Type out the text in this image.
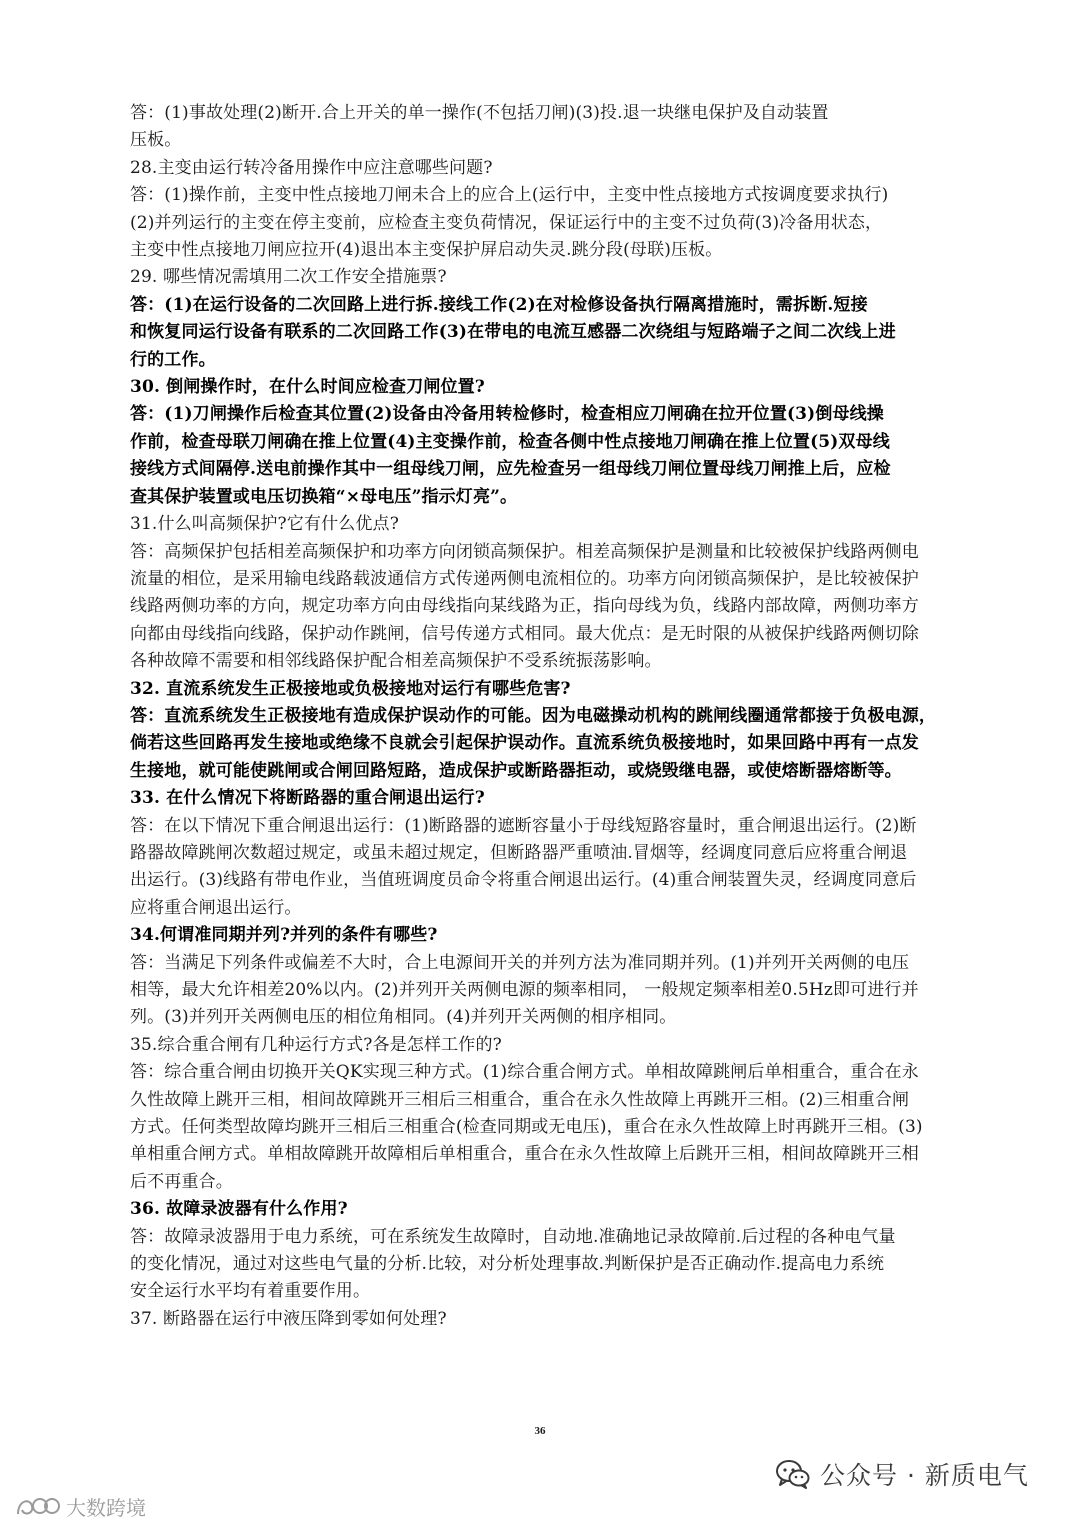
答：(1)事故处理(2)断开.合上开关的单一操作(不包括刀闸)(3)投.退一块继电保护及自动装置
压板。
28.主变由运行转冷备用操作中应注意哪些问题?
答：(1)操作前，主变中性点接地刀闸未合上的应合上(运行中，主变中性点接地方式按调度要求执行)
(2)并列运行的主变在停主变前，应检查主变负荷情况，保证运行中的主变不过负荷(3)冷备用状态，
主变中性点接地刀闸应拉开(4)退出本主变保护屏启动失灵.跳分段(母联)压板。
29. 哪些情况需填用二次工作安全措施票?
答：(1)在运行设备的二次回路上进行拆.接线工作(2)在对检修设备执行隔离措施时，需拆断.短接
和恢复同运行设备有联系的二次回路工作(3)在带电的电流互感器二次绕组与短路端子之间二次线上进
行的工作。
30. 倒闸操作时，在什么时间应检查刀闸位置?
答：(1)刀闸操作后检查其位置(2)设备由冷备用转检修时，检查相应刀闸确在拉开位置(3)倒母线操
作前，检查母联刀闸确在推上位置(4)主变操作前，检查各侧中性点接地刀闸确在推上位置(5)双母线
接线方式间隔停.送电前操作其中一组母线刀闸，应先检查另一组母线刀闸位置母线刀闸推上后，应检
查其保护装置或电压切换箱“×母电压”指示灯亮”。
31.什么叫高频保护?它有什么优点?
答：高频保护包括相差高频保护和功率方向闭锁高频保护。相差高频保护是测量和比较被保护线路两侧电
流量的相位，是采用输电线路载波通信方式传递两侧电流相位的。功率方向闭锁高频保护，是比较被保护
线路两侧功率的方向，规定功率方向由母线指向某线路为正，指向母线为负，线路内部故障，两侧功率方
向都由母线指向线路，保护动作跳闸，信号传递方式相同。最大优点：是无时限的从被保护线路两侧切除
各种故障不需要和相邻线路保护配合相差高频保护不受系统振荡影响。
32. 直流系统发生正极接地或负极接地对运行有哪些危害?
答：直流系统发生正极接地有造成保护误动作的可能。因为电磁操动机构的跳闸线圈通常都接于负极电源，
倘若这些回路再发生接地或绝缘不良就会引起保护误动作。直流系统负极接地时，如果回路中再有一点发
生接地，就可能使跳闸或合闸回路短路，造成保护或断路器拒动，或烧毁继电器，或使熔断器熔断等。
33. 在什么情况下将断路器的重合闸退出运行?
答：在以下情况下重合闸退出运行：(1)断路器的遮断容量小于母线短路容量时，重合闸退出运行。(2)断
路器故障跳闸次数超过规定，或虽未超过规定，但断路器严重喷油.冒烟等，经调度同意后应将重合闸退
出运行。(3)线路有带电作业，当值班调度员命令将重合闸退出运行。(4)重合闸装置失灵，经调度同意后
应将重合闸退出运行。
34.何谓准同期并列?并列的条件有哪些?
答：当满足下列条件或偏差不大时，合上电源间开关的并列方法为准同期并列。(1)并列开关两侧的电压
相等，最大允许相差20%以内。(2)并列开关两侧电源的频率相同， 一般规定频率相差0.5Hz即可进行并
列。(3)并列开关两侧电压的相位角相同。(4)并列开关两侧的相序相同。
35.综合重合闸有几种运行方式?各是怎样工作的?
答：综合重合闸由切换开关QK实现三种方式。(1)综合重合闸方式。单相故障跳闸后单相重合，重合在永
久性故障上跳开三相，相间故障跳开三相后三相重合，重合在永久性故障上再跳开三相。(2)三相重合闸
方式。任何类型故障均跳开三相后三相重合(检查同期或无电压)，重合在永久性故障上时再跳开三相。(3)
单相重合闸方式。单相故障跳开故障相后单相重合，重合在永久性故障上后跳开三相，相间故障跳开三相
后不再重合。
36. 故障录波器有什么作用?
答：故障录波器用于电力系统，可在系统发生故障时，自动地.准确地记录故障前.后过程的各种电气量
的变化情况，通过对这些电气量的分析.比较，对分析处理事故.判断保护是否正确动作.提高电力系统
安全运行水平均有着重要作用。
37. 断路器在运行中液压降到零如何处理?
36
公众号 · 新质电气
大数跨境
